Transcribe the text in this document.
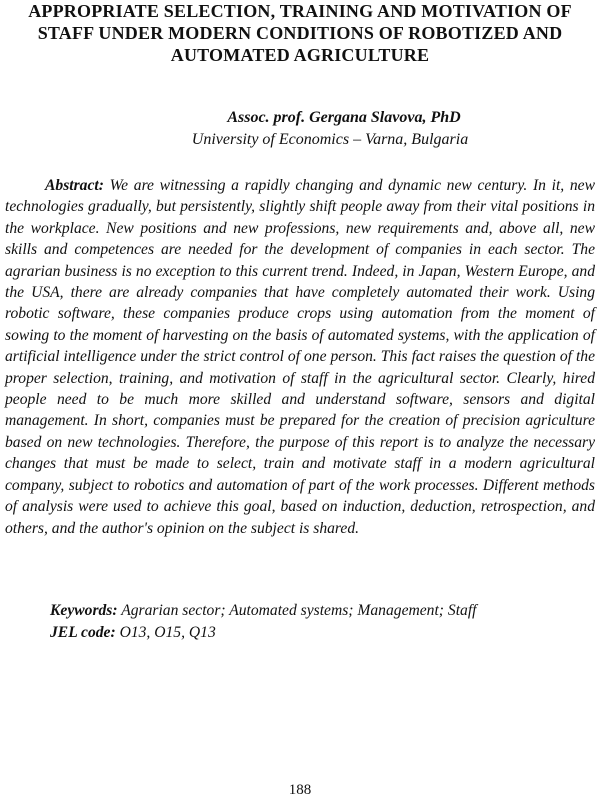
APPROPRIATE SELECTION, TRAINING AND MOTIVATION OF STAFF UNDER MODERN CONDITIONS OF ROBOTIZED AND AUTOMATED AGRICULTURE

Assoc. prof. Gergana Slavova, PhD

University of Economics – Varna, Bulgaria

Abstract: We are witnessing a rapidly changing and dynamic new century. In it, new technologies gradually, but persistently, slightly shift people away from their vital positions in the workplace. New positions and new professions, new requirements and, above all, new skills and competences are needed for the development of companies in each sector. The agrarian business is no exception to this current trend. Indeed, in Japan, Western Europe, and the USA, there are already companies that have completely automated their work. Using robotic software, these companies produce crops using automation from the moment of sowing to the moment of harvesting on the basis of automated systems, with the application of artificial intelligence under the strict control of one person. This fact raises the question of the proper selection, training, and motivation of staff in the agricultural sector. Clearly, hired people need to be much more skilled and understand software, sensors and digital management. In short, companies must be prepared for the creation of precision agriculture based on new technologies. Therefore, the purpose of this report is to analyze the necessary changes that must be made to select, train and motivate staff in a modern agricultural company, subject to robotics and automation of part of the work processes. Different methods of analysis were used to achieve this goal, based on induction, deduction, retrospection, and others, and the author's opinion on the subject is shared.

Keywords: Agrarian sector; Automated systems; Management; Staff

JEL code: O13, O15, Q13

188
